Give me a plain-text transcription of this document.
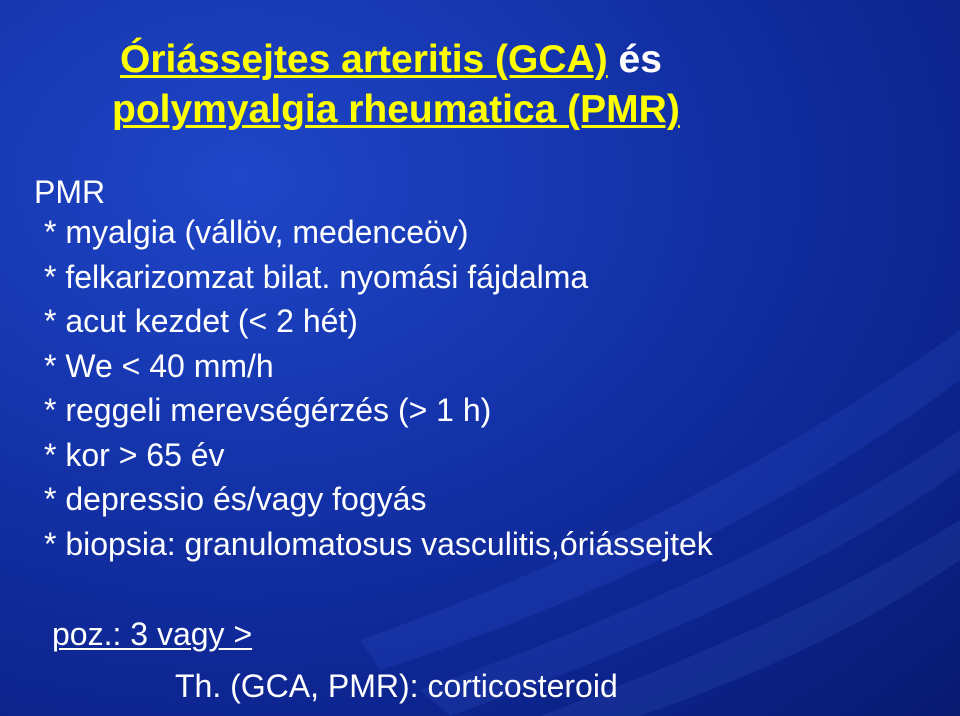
Óriássejtes arteritis (GCA) és
polymyalgia rheumatica (PMR)
PMR
* myalgia (vállöv, medenceöv)
* felkarizomzat bilat. nyomási fájdalma
* acut kezdet (< 2 hét)
* We < 40 mm/h
* reggeli merevségérzés (> 1 h)
* kor > 65 év
* depressio és/vagy fogyás
* biopsia: granulomatosus vasculitis,óriássejtek
poz.: 3 vagy >
Th. (GCA, PMR): corticosteroid
